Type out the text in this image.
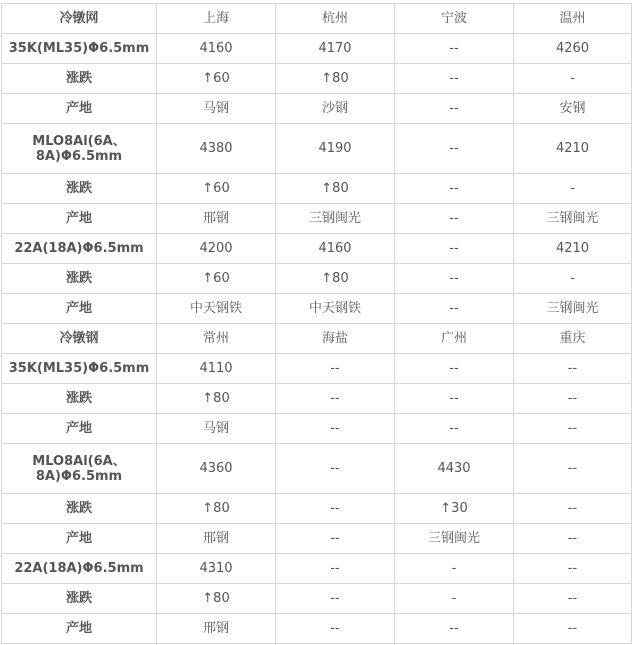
冷镦网	上海	杭州	宁波	温州
35K(ML35)Φ6.5mm	4160	4170	--	4260
涨跌	↑60	↑80	--	-
产地	马钢	沙钢	--	安钢
MLO8Al(6A、8A)Φ6.5mm	4380	4190	--	4210
涨跌	↑60	↑80	--	-
产地	邢钢	三钢闽光	--	三钢闽光
22A(18A)Φ6.5mm	4200	4160	--	4210
涨跌	↑60	↑80	--	-
产地	中天钢铁	中天钢铁	--	三钢闽光
冷镦钢	常州	海盐	广州	重庆
35K(ML35)Φ6.5mm	4110	--	--	--
涨跌	↑80	--	--	--
产地	马钢	--	--	--
MLO8Al(6A、8A)Φ6.5mm	4360	--	4430	--
涨跌	↑80	--	↑30	--
产地	邢钢	--	三钢闽光	--
22A(18A)Φ6.5mm	4310	--	-	--
涨跌	↑80	--	-	--
产地	邢钢	--	--	--
